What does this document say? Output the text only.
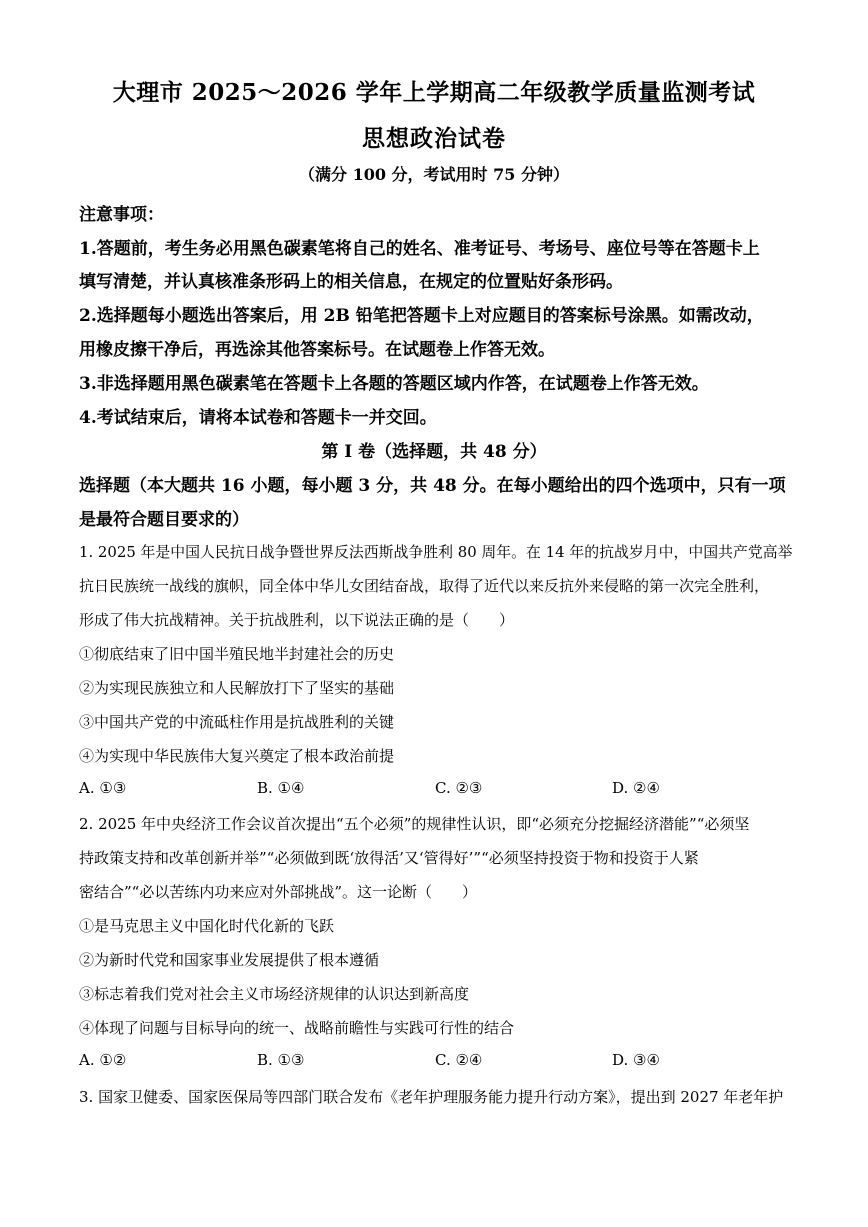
大理市 2025～2026 学年上学期高二年级教学质量监测考试
思想政治试卷
（满分 100 分，考试用时 75 分钟）
注意事项：
1.答题前，考生务必用黑色碳素笔将自己的姓名、准考证号、考场号、座位号等在答题卡上
填写清楚，并认真核准条形码上的相关信息，在规定的位置贴好条形码。
2.选择题每小题选出答案后，用 2B 铅笔把答题卡上对应题目的答案标号涂黑。如需改动，
用橡皮擦干净后，再选涂其他答案标号。在试题卷上作答无效。
3.非选择题用黑色碳素笔在答题卡上各题的答题区域内作答，在试题卷上作答无效。
4.考试结束后，请将本试卷和答题卡一并交回。
第 I 卷（选择题，共 48 分）
选择题（本大题共 16 小题，每小题 3 分，共 48 分。在每小题给出的四个选项中，只有一项
是最符合题目要求的）
1. 2025 年是中国人民抗日战争暨世界反法西斯战争胜利 80 周年。在 14 年的抗战岁月中，中国共产党高举
抗日民族统一战线的旗帜，同全体中华儿女团结奋战，取得了近代以来反抗外来侵略的第一次完全胜利，
形成了伟大抗战精神。关于抗战胜利，以下说法正确的是（　　）
①彻底结束了旧中国半殖民地半封建社会的历史
②为实现民族独立和人民解放打下了坚实的基础
③中国共产党的中流砥柱作用是抗战胜利的关键
④为实现中华民族伟大复兴奠定了根本政治前提
A. ①③	B. ①④	C. ②③	D. ②④
2. 2025 年中央经济工作会议首次提出“五个必须”的规律性认识，即“必须充分挖掘经济潜能”“必须坚
持政策支持和改革创新并举”“必须做到既‘放得活’又‘管得好’”“必须坚持投资于物和投资于人紧
密结合”“必以苦练内功来应对外部挑战”。这一论断（　　）
①是马克思主义中国化时代化新的飞跃
②为新时代党和国家事业发展提供了根本遵循
③标志着我们党对社会主义市场经济规律的认识达到新高度
④体现了问题与目标导向的统一、战略前瞻性与实践可行性的结合
A. ①②	B. ①③	C. ②④	D. ③④
3. 国家卫健委、国家医保局等四部门联合发布《老年护理服务能力提升行动方案》，提出到 2027 年老年护
